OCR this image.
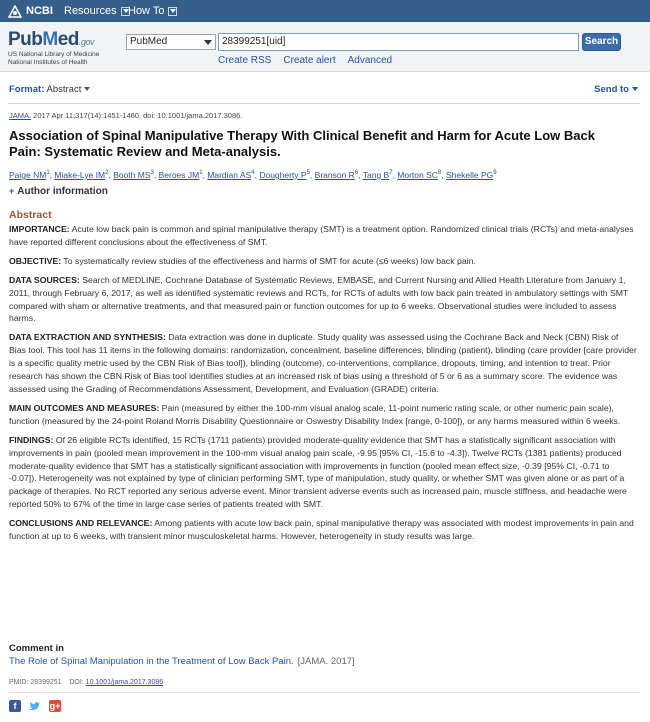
NCBI Resources How To
PubMed.gov
US National Library of Medicine
National Institutes of Health
PubMed	28399251[uid]	Search
Create RSS Create alert Advanced
Format: Abstract	Send to
JAMA. 2017 Apr 11;317(14):1451-1460. doi: 10.1001/jama.2017.3086.
Association of Spinal Manipulative Therapy With Clinical Benefit and Harm for Acute Low Back Pain: Systematic Review and Meta-analysis.
Paige $NM^1$, Miake-Lye $IM^2$, Booth $MS^3$, Beroes $JM^1$, Mardian $AS^4$, Dougherty $P^5$, Branson $R^6$, Tang $B^7$, Morton $SC^8$, Shekelle $PG^9$
+ Author information
Abstract

IMPORTANCE: Acute low back pain is common and spinal manipulative therapy (SMT) is a treatment option. Randomized clinical trials (RCTs) and meta-analyses have reported different conclusions about the effectiveness of SMT.

OBJECTIVE: To systematically review studies of the effectiveness and harms of SMT for acute (≤6 weeks) low back pain.

DATA SOURCES: Search of MEDLINE, Cochrane Database of Systematic Reviews, EMBASE, and Current Nursing and Allied Health Literature from January 1, 2011, through February 6, 2017, as well as identified systematic reviews and RCTs, for RCTs of adults with low back pain treated in ambulatory settings with SMT compared with sham or alternative treatments, and that measured pain or function outcomes for up to 6 weeks. Observational studies were included to assess harms.

DATA EXTRACTION AND SYNTHESIS: Data extraction was done in duplicate. Study quality was assessed using the Cochrane Back and Neck (CBN) Risk of Bias tool. This tool has 11 items in the following domains: randomization, concealment, baseline differences, blinding (patient), blinding (care provider [care provider is a specific quality metric used by the CBN Risk of Bias tool]), blinding (outcome), co-interventions, compliance, dropouts, timing, and intention to treat. Prior research has shown the CBN Risk of Bias tool identifies studies at an increased risk of bias using a threshold of 5 or 6 as a summary score. The evidence was assessed using the Grading of Recommendations Assessment, Development, and Evaluation (GRADE) criteria.

MAIN OUTCOMES AND MEASURES: Pain (measured by either the 100-mm visual analog scale, 11-point numeric rating scale, or other numeric pain scale), function (measured by the 24-point Roland Morris Disability Questionnaire or Oswestry Disability Index [range, 0-100]), or any harms measured within 6 weeks.

FINDINGS: Of 26 eligible RCTs identified, 15 RCTs (1711 patients) provided moderate-quality evidence that SMT has a statistically significant association with improvements in pain (pooled mean improvement in the 100-mm visual analog pain scale, -9.95 [95% CI, -15.6 to -4.3]). Twelve RCTs (1381 patients) produced moderate-quality evidence that SMT has a statistically significant association with improvements in function (pooled mean effect size, -0.39 [95% CI, -0.71 to -0.07]). Heterogeneity was not explained by type of clinician performing SMT, type of manipulation, study quality, or whether SMT was given alone or as part of a package of therapies. No RCT reported any serious adverse event. Minor transient adverse events such as increased pain, muscle stiffness, and headache were reported 50% to 67% of the time in large case series of patients treated with SMT.

CONCLUSIONS AND RELEVANCE: Among patients with acute low back pain, spinal manipulative therapy was associated with modest improvements in pain and function at up to 6 weeks, with transient minor musculoskeletal harms. However, heterogeneity in study results was large.

Comment in
The Role of Spinal Manipulation in the Treatment of Low Back Pain. [JAMA. 2017]
PMID: 28399251 DOI: 10.1001/jama.2017.3086
f	g+
